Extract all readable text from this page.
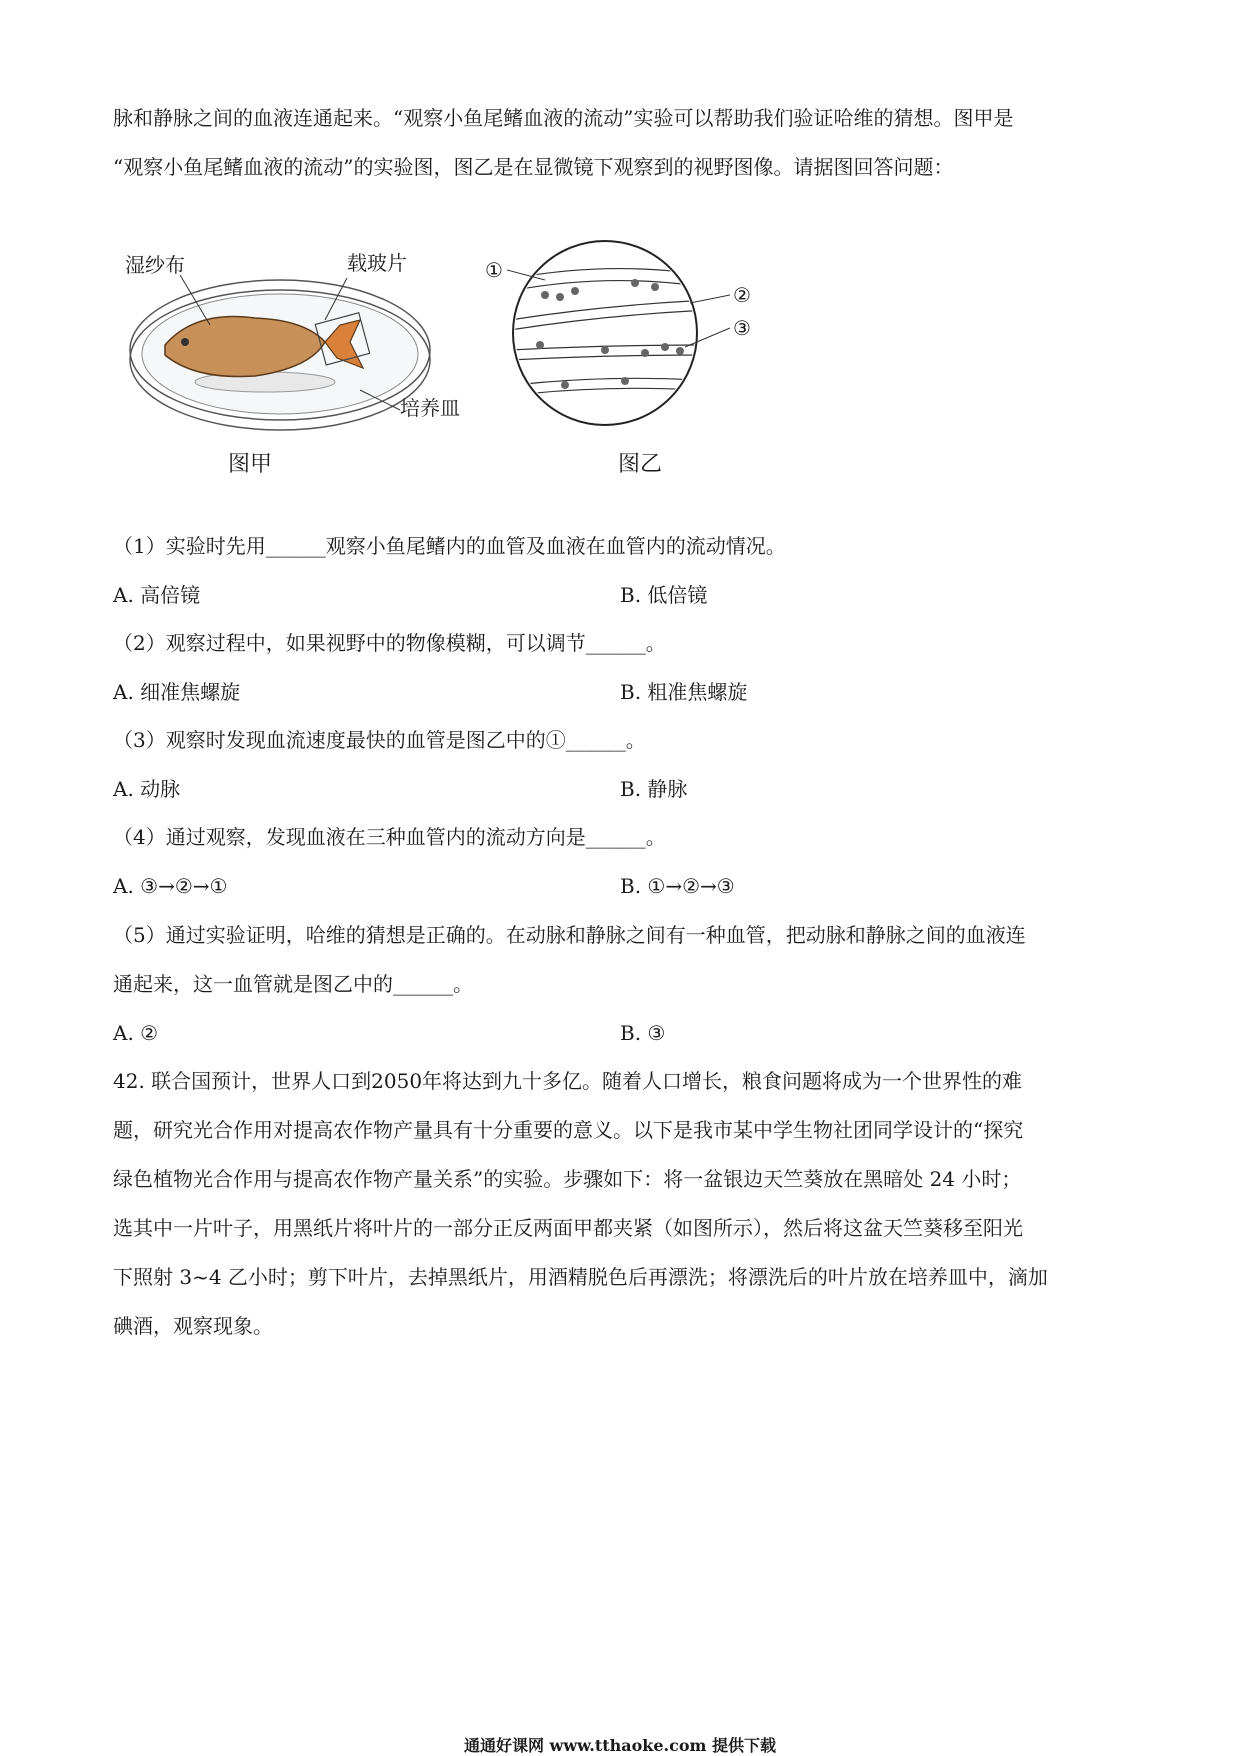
脉和静脉之间的血液连通起来。“观察小鱼尾鳍血液的流动”实验可以帮助我们验证哈维的猜想。图甲是
“观察小鱼尾鳍血液的流动”的实验图，图乙是在显微镜下观察到的视野图像。请据图回答问题：
湿纱布	载玻片
培养皿
图甲
①
②
③
图乙
（1）实验时先用______观察小鱼尾鳍内的血管及血液在血管内的流动情况。
A. 高倍镜	B. 低倍镜
（2）观察过程中，如果视野中的物像模糊，可以调节______。
A. 细准焦螺旋	B. 粗准焦螺旋
（3）观察时发现血流速度最快的血管是图乙中的①______。
A. 动脉	B. 静脉
（4）通过观察，发现血液在三种血管内的流动方向是______。
A. ③→②→①	B. ①→②→③
（5）通过实验证明，哈维的猜想是正确的。在动脉和静脉之间有一种血管，把动脉和静脉之间的血液连
通起来，这一血管就是图乙中的______。
A. ②	B. ③
42. 联合国预计，世界人口到2050年将达到九十多亿。随着人口增长，粮食问题将成为一个世界性的难
题，研究光合作用对提高农作物产量具有十分重要的意义。以下是我市某中学生物社团同学设计的“探究
绿色植物光合作用与提高农作物产量关系”的实验。步骤如下：将一盆银边天竺葵放在黑暗处 24 小时；
选其中一片叶子，用黑纸片将叶片的一部分正反两面甲都夹紧（如图所示），然后将这盆天竺葵移至阳光
下照射 3~4 乙小时；剪下叶片，去掉黑纸片，用酒精脱色后再漂洗；将漂洗后的叶片放在培养皿中，滴加
碘酒，观察现象。
通通好课网 www.tthaoke.com 提供下载
